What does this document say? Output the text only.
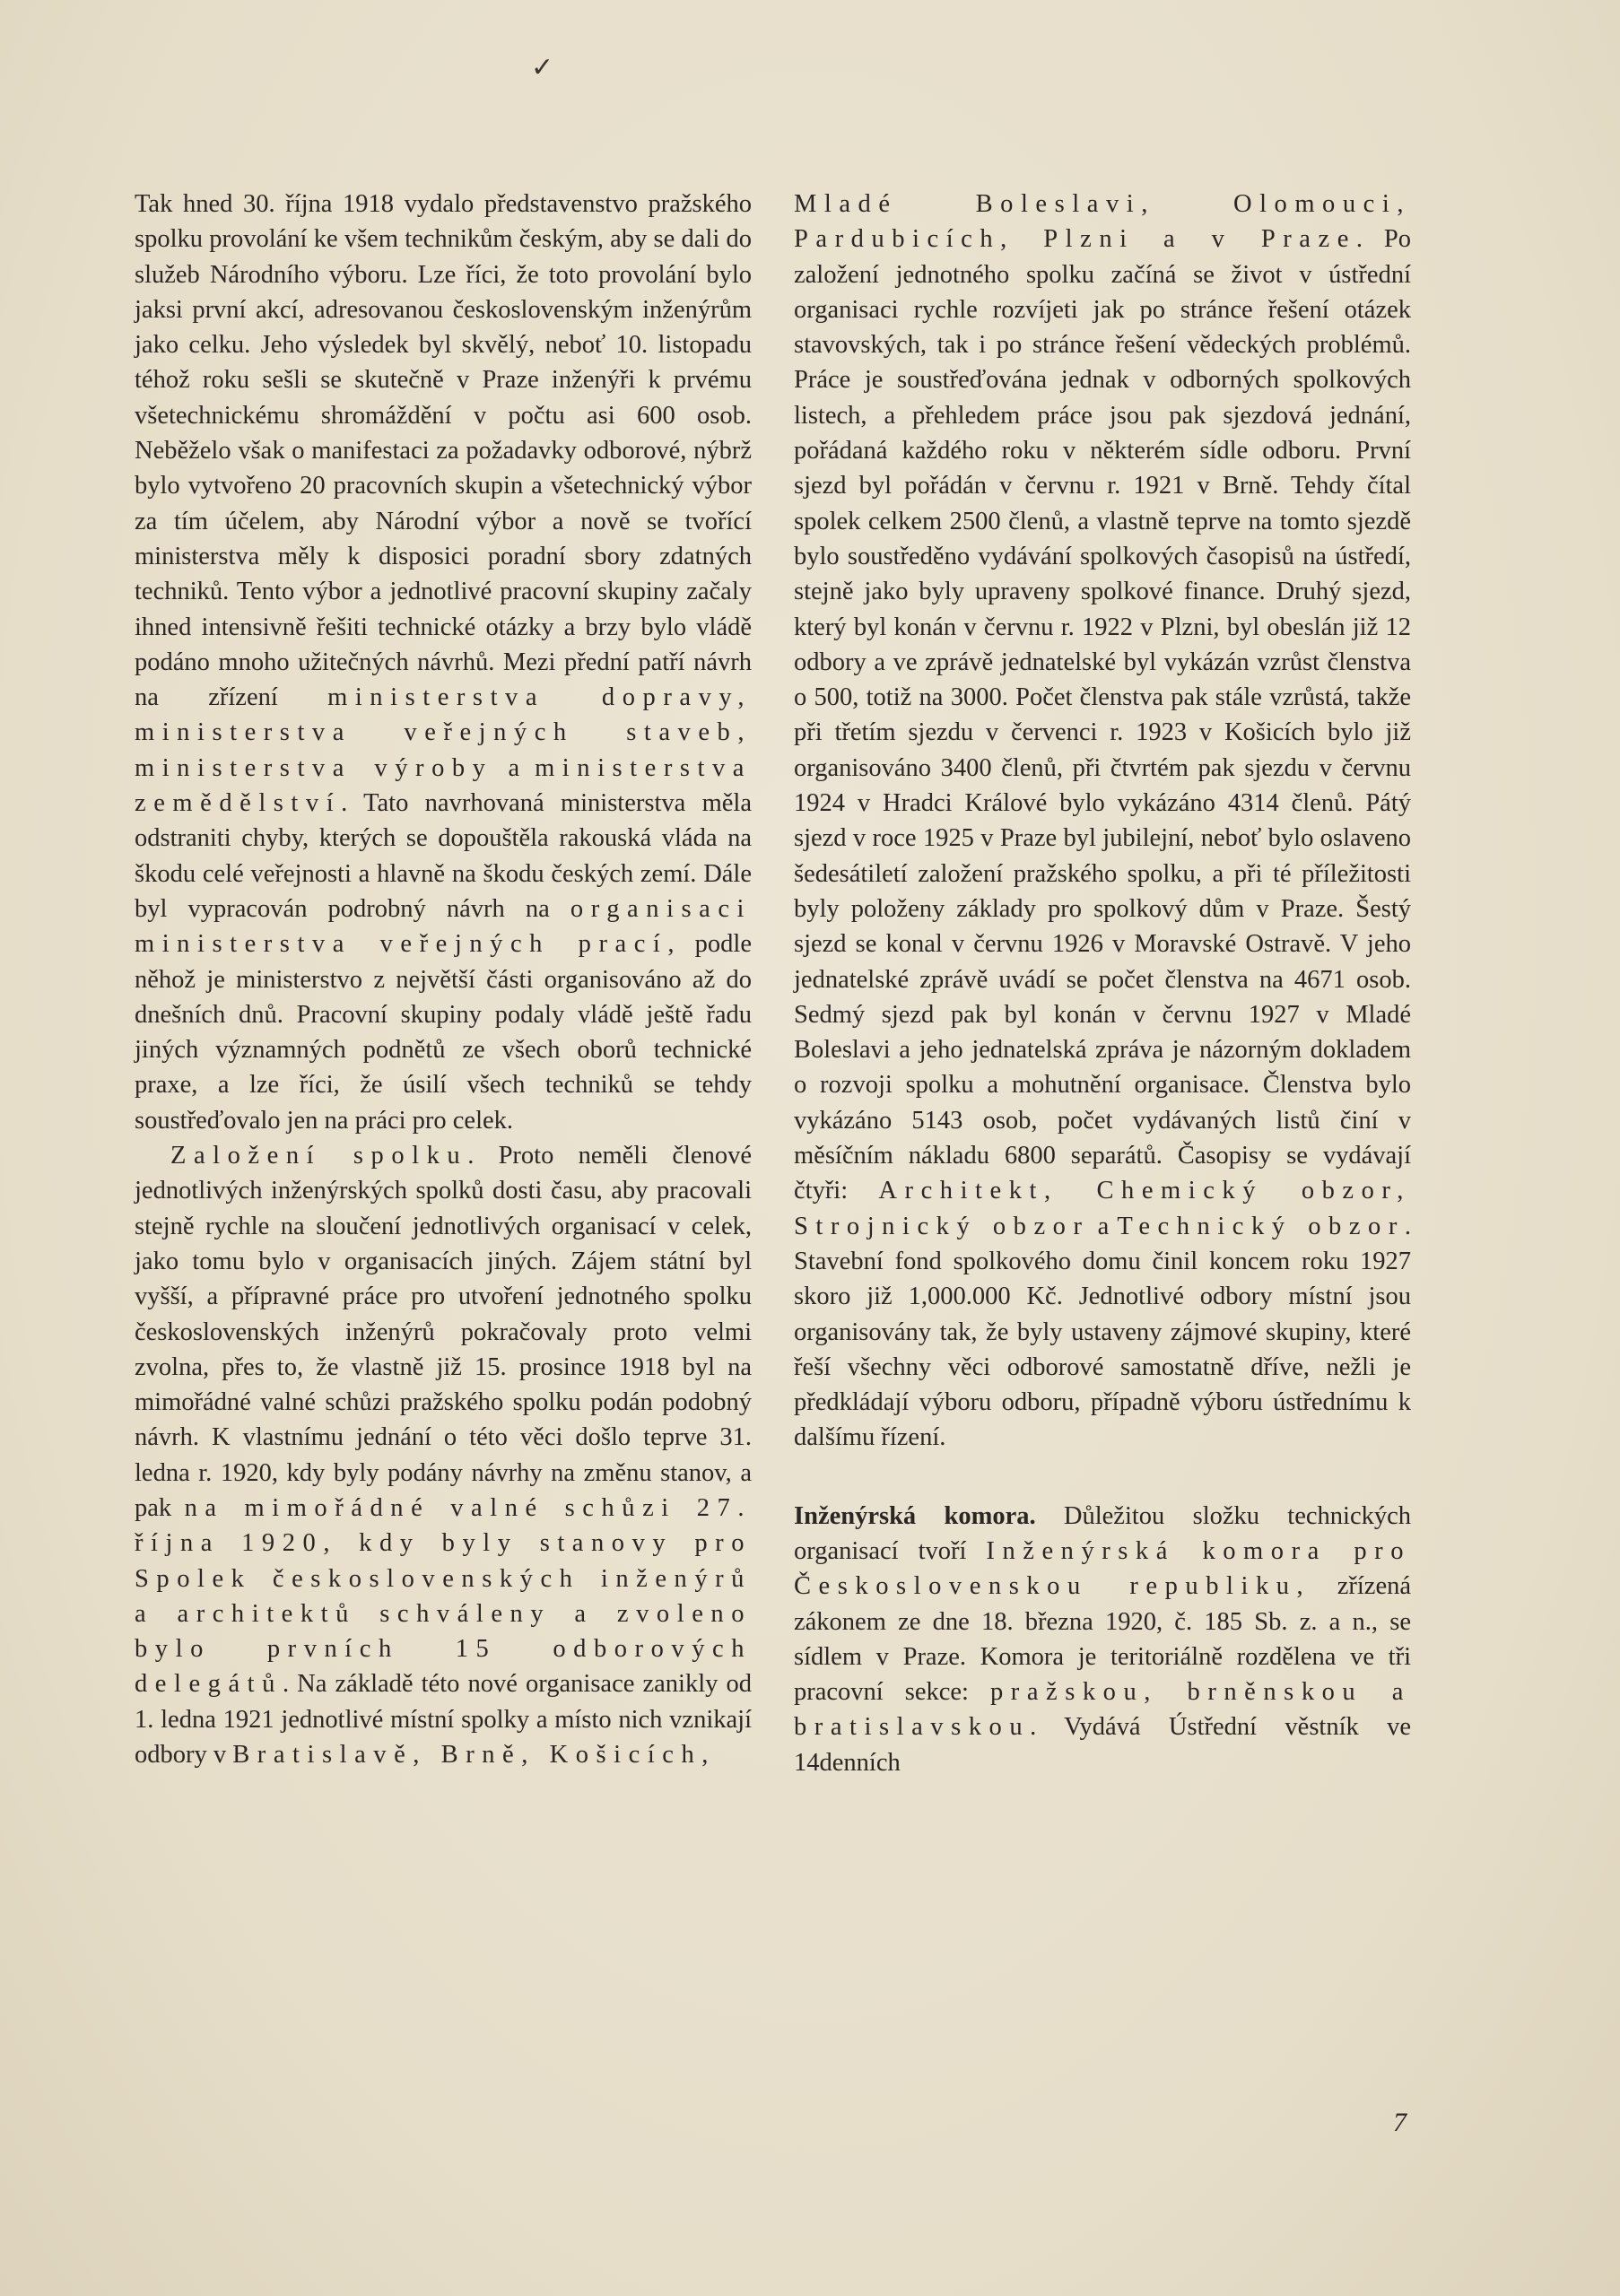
✓

Tak hned 30. října 1918 vydalo představenstvo pražského spolku provolání ke všem technikům českým, aby se dali do služeb Národního výboru. Lze říci, že toto provolání bylo jaksi první akcí, adresovanou československým inženýrům jako celku. Jeho výsledek byl skvělý, neboť 10. listopadu téhož roku sešli se skutečně v Praze inženýři k prvému všetechnickému shromáždění v počtu asi 600 osob. Neběželo však o manifestaci za požadavky odborové, nýbrž bylo vytvořeno 20 pracovních skupin a všetechnický výbor za tím účelem, aby Národní výbor a nově se tvořící ministerstva měly k disposici poradní sbory zdatných techniků. Tento výbor a jednotlivé pracovní skupiny začaly ihned intensivně řešiti technické otázky a brzy bylo vládě podáno mnoho užitečných návrhů. Mezi přední patří návrh na zřízení ministerstva dopravy, ministerstva veřejných staveb, ministerstva výroby a ministerstva zemědělství. Tato navrhovaná ministerstva měla odstraniti chyby, kterých se dopouštěla rakouská vláda na škodu celé veřejnosti a hlavně na škodu českých zemí. Dále byl vypracován podrobný návrh na organisaci ministerstva veřejných prací, podle něhož je ministerstvo z největší části organisováno až do dnešních dnů. Pracovní skupiny podaly vládě ještě řadu jiných významných podnětů ze všech oborů technické praxe, a lze říci, že úsilí všech techniků se tehdy soustřeďovalo jen na práci pro celek.

Založení spolku. Proto neměli členové jednotlivých inženýrských spolků dosti času, aby pracovali stejně rychle na sloučení jednotlivých organisací v celek, jako tomu bylo v organisacích jiných. Zájem státní byl vyšší, a přípravné práce pro utvoření jednotného spolku československých inženýrů pokračovaly proto velmi zvolna, přes to, že vlastně již 15. prosince 1918 byl na mimořádné valné schůzi pražského spolku podán podobný návrh. K vlastnímu jednání o této věci došlo teprve 31. ledna r. 1920, kdy byly podány návrhy na změnu stanov, a pak na mimořádné valné schůzi 27. října 1920, kdy byly stanovy pro Spolek československých inženýrů a architektů schváleny a zvoleno bylo prvních 15 odborových delegátů. Na základě této nové organisace zanikly od 1. ledna 1921 jednotlivé místní spolky a místo nich vznikají odbory v Bratislavě, Brně, Košicích,

Mladé Boleslavi, Olomouci, Pardubicích, Plzni a v Praze. Po založení jednotného spolku začíná se život v ústřední organisaci rychle rozvíjeti jak po stránce řešení otázek stavovských, tak i po stránce řešení vědeckých problémů. Práce je soustřeďována jednak v odborných spolkových listech, a přehledem práce jsou pak sjezdová jednání, pořádaná každého roku v některém sídle odboru. První sjezd byl pořádán v červnu r. 1921 v Brně. Tehdy čítal spolek celkem 2500 členů, a vlastně teprve na tomto sjezdě bylo soustředěno vydávání spolkových časopisů na ústředí, stejně jako byly upraveny spolkové finance. Druhý sjezd, který byl konán v červnu r. 1922 v Plzni, byl obeslán již 12 odbory a ve zprávě jednatelské byl vykázán vzrůst členstva o 500, totiž na 3000. Počet členstva pak stále vzrůstá, takže při třetím sjezdu v červenci r. 1923 v Košicích bylo již organisováno 3400 členů, při čtvrtém pak sjezdu v červnu 1924 v Hradci Králové bylo vykázáno 4314 členů. Pátý sjezd v roce 1925 v Praze byl jubilejní, neboť bylo oslaveno šedesátiletí založení pražského spolku, a při té příležitosti byly položeny základy pro spolkový dům v Praze. Šestý sjezd se konal v červnu 1926 v Moravské Ostravě. V jeho jednatelské zprávě uvádí se počet členstva na 4671 osob. Sedmý sjezd pak byl konán v červnu 1927 v Mladé Boleslavi a jeho jednatelská zpráva je názorným dokladem o rozvoji spolku a mohutnění organisace. Členstva bylo vykázáno 5143 osob, počet vydávaných listů činí v měsíčním nákladu 6800 separátů. Časopisy se vydávají čtyři: Architekt, Chemický obzor, Strojnický obzor a Technický obzor. Stavební fond spolkového domu činil koncem roku 1927 skoro již 1,000.000 Kč. Jednotlivé odbory místní jsou organisovány tak, že byly ustaveny zájmové skupiny, které řeší všechny věci odborové samostatně dříve, nežli je předkládají výboru odboru, případně výboru ústřednímu k dalšímu řízení.

Inženýrská komora. Důležitou složku technických organisací tvoří Inženýrská komora pro Československou republiku, zřízená zákonem ze dne 18. března 1920, č. 185 Sb. z. a n., se sídlem v Praze. Komora je teritoriálně rozdělena ve tři pracovní sekce: pražskou, brněnskou a bratislavskou. Vydává Ústřední věstník ve 14denních

7
